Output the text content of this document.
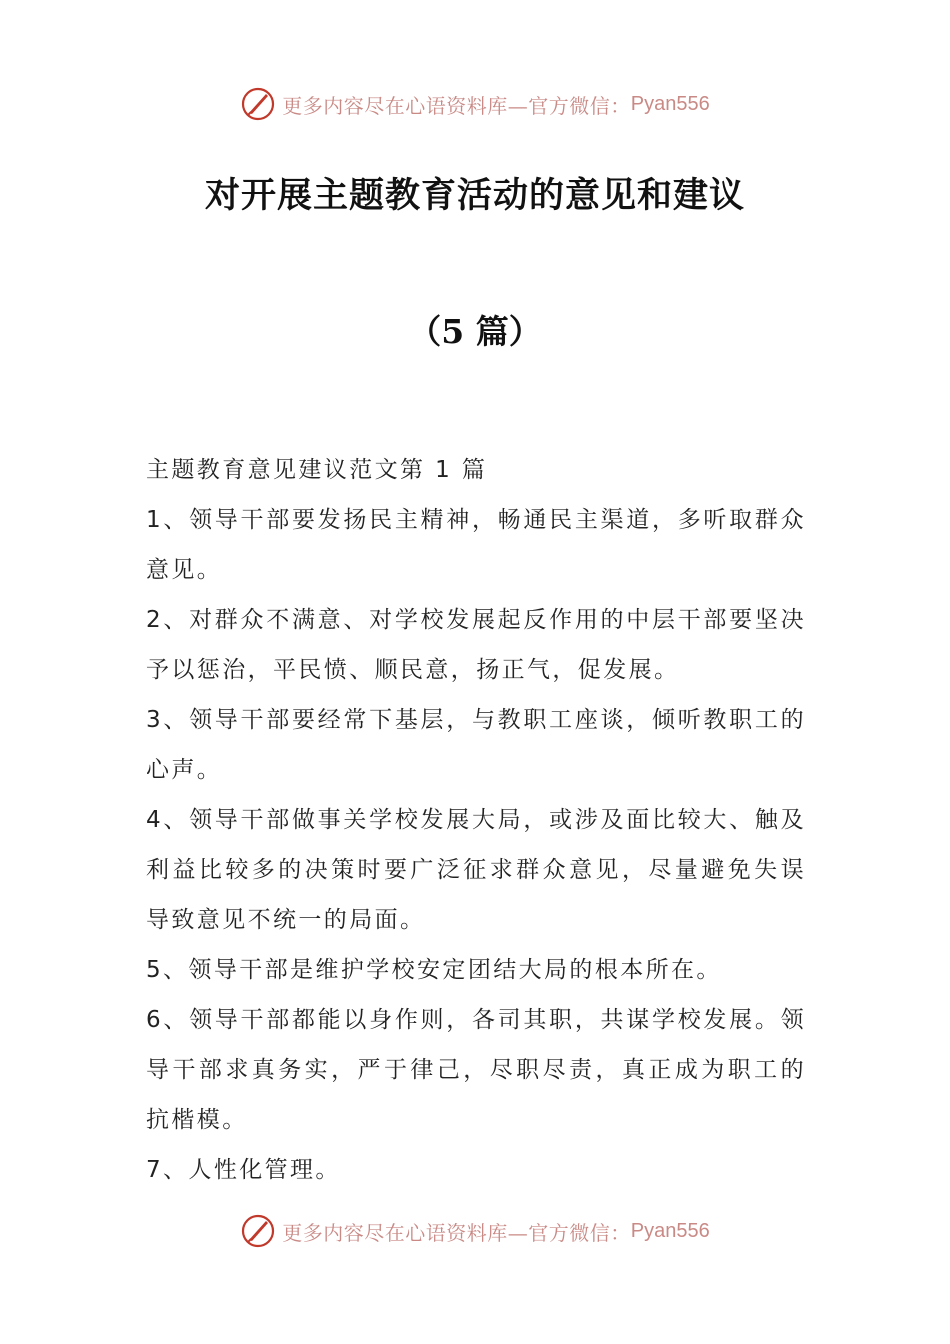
更多内容尽在心语资料库—官方微信： Pyan556
对开展主题教育活动的意见和建议
（5 篇）

主题教育意见建议范文第 1 篇

1、领导干部要发扬民主精神，畅通民主渠道，多听取群众意见。

2、对群众不满意、对学校发展起反作用的中层干部要坚决予以惩治，平民愤、顺民意，扬正气，促发展。

3、领导干部要经常下基层，与教职工座谈，倾听教职工的心声。

4、领导干部做事关学校发展大局，或涉及面比较大、触及利益比较多的决策时要广泛征求群众意见，尽量避免失误导致意见不统一的局面。

5、领导干部是维护学校安定团结大局的根本所在。

6、领导干部都能以身作则，各司其职，共谋学校发展。领导干部求真务实，严于律己，尽职尽责，真正成为职工的抗楷模。

7、人性化管理。

更多内容尽在心语资料库—官方微信： Pyan556
